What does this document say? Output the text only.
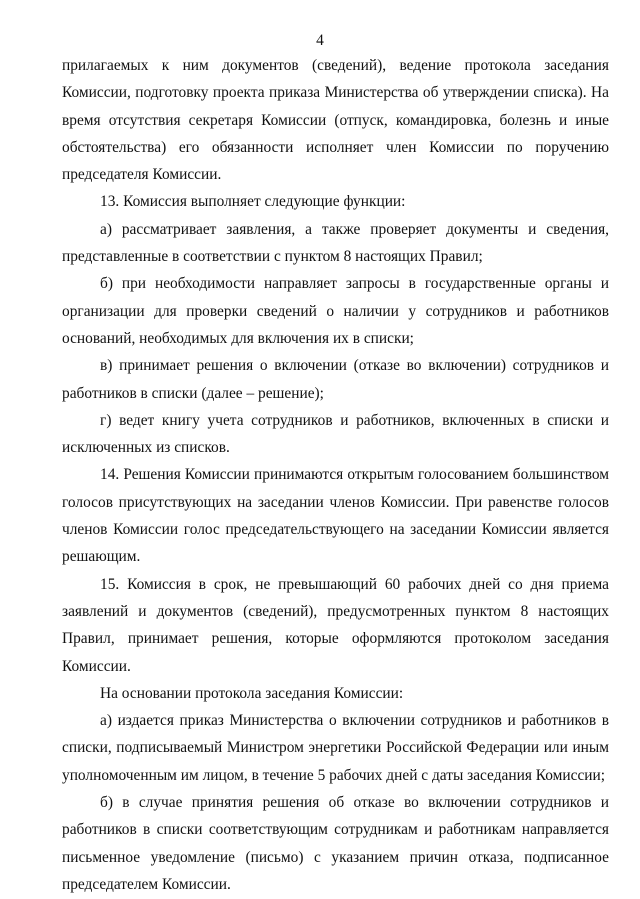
4

прилагаемых к ним документов (сведений), ведение протокола заседания Комиссии, подготовку проекта приказа Министерства об утверждении списка). На время отсутствия секретаря Комиссии (отпуск, командировка, болезнь и иные обстоятельства) его обязанности исполняет член Комиссии по поручению председателя Комиссии.

13. Комиссия выполняет следующие функции:

а) рассматривает заявления, а также проверяет документы и сведения, представленные в соответствии с пунктом 8 настоящих Правил;

б) при необходимости направляет запросы в государственные органы и организации для проверки сведений о наличии у сотрудников и работников оснований, необходимых для включения их в списки;

в) принимает решения о включении (отказе во включении) сотрудников и работников в списки (далее – решение);

г) ведет книгу учета сотрудников и работников, включенных в списки и исключенных из списков.

14. Решения Комиссии принимаются открытым голосованием большинством голосов присутствующих на заседании членов Комиссии. При равенстве голосов членов Комиссии голос председательствующего на заседании Комиссии является решающим.

15. Комиссия в срок, не превышающий 60 рабочих дней со дня приема заявлений и документов (сведений), предусмотренных пунктом 8 настоящих Правил, принимает решения, которые оформляются протоколом заседания Комиссии.

На основании протокола заседания Комиссии:

а) издается приказ Министерства о включении сотрудников и работников в списки, подписываемый Министром энергетики Российской Федерации или иным уполномоченным им лицом, в течение 5 рабочих дней с даты заседания Комиссии;

б) в случае принятия решения об отказе во включении сотрудников и работников в списки соответствующим сотрудникам и работникам направляется письменное уведомление (письмо) с указанием причин отказа, подписанное председателем Комиссии.
